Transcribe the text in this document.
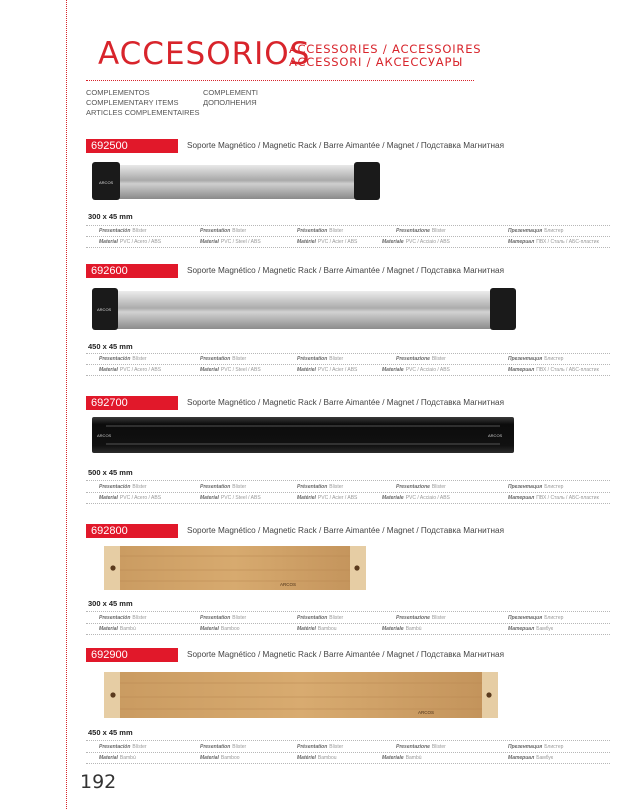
ACCESORIOS
ACCESSORIES / ACCESSOIRES
ACCESSORI / АКСЕССУАРЫ
COMPLEMENTOS
COMPLEMENTARY ITEMS
ARTICLES COMPLEMENTAIRES
COMPLEMENTI
ДОПОЛНЕНИЯ
692500	Soporte Magnético / Magnetic Rack / Barre Aimantée / Magnet / Подставка Магнитная
ARCOS
300 x 45 mm
Presentación Blíster	Presentation Blister	Présentation Blister	Presentazione Blister	Презентация Блистер
Material PVC / Acero / ABS	Material PVC / Steel / ABS	Matériel PVC / Acier / ABS	Materiale PVC / Acciaio / ABS	Материал ПВХ / Сталь / АБС-пластик
692600	Soporte Magnético / Magnetic Rack / Barre Aimantée / Magnet / Подставка Магнитная
ARCOS
450 x 45 mm
Presentación Blíster	Presentation Blister	Présentation Blister	Presentazione Blister	Презентация Блистер
Material PVC / Acero / ABS	Material PVC / Steel / ABS	Matériel PVC / Acier / ABS	Materiale PVC / Acciaio / ABS	Материал ПВХ / Сталь / АБС-пластик
692700	Soporte Magnético / Magnetic Rack / Barre Aimantée / Magnet / Подставка Магнитная
ARCOS	ARCOS
500 x 45 mm
Presentación Blíster	Presentation Blister	Présentation Blister	Presentazione Blister	Презентация Блистер
Material PVC / Acero / ABS	Material PVC / Steel / ABS	Matériel PVC / Acier / ABS	Materiale PVC / Acciaio / ABS	Материал ПВХ / Сталь / АБС-пластик
692800	Soporte Magnético / Magnetic Rack / Barre Aimantée / Magnet / Подставка Магнитная
ARCOS
300 x 45 mm
Presentación Blíster	Presentation Blister	Présentation Blister	Presentazione Blister	Презентация Блистер
Material Bambú	Material Bamboo	Matériel Bambou	Materiale Bambù	Материал Бамбук
692900	Soporte Magnético / Magnetic Rack / Barre Aimantée / Magnet / Подставка Магнитная
ARCOS
450 x 45 mm
Presentación Blíster	Presentation Blister	Présentation Blister	Presentazione Blister	Презентация Блистер
Material Bambú	Material Bamboo	Matériel Bambou	Materiale Bambù	Материал Бамбук
192
